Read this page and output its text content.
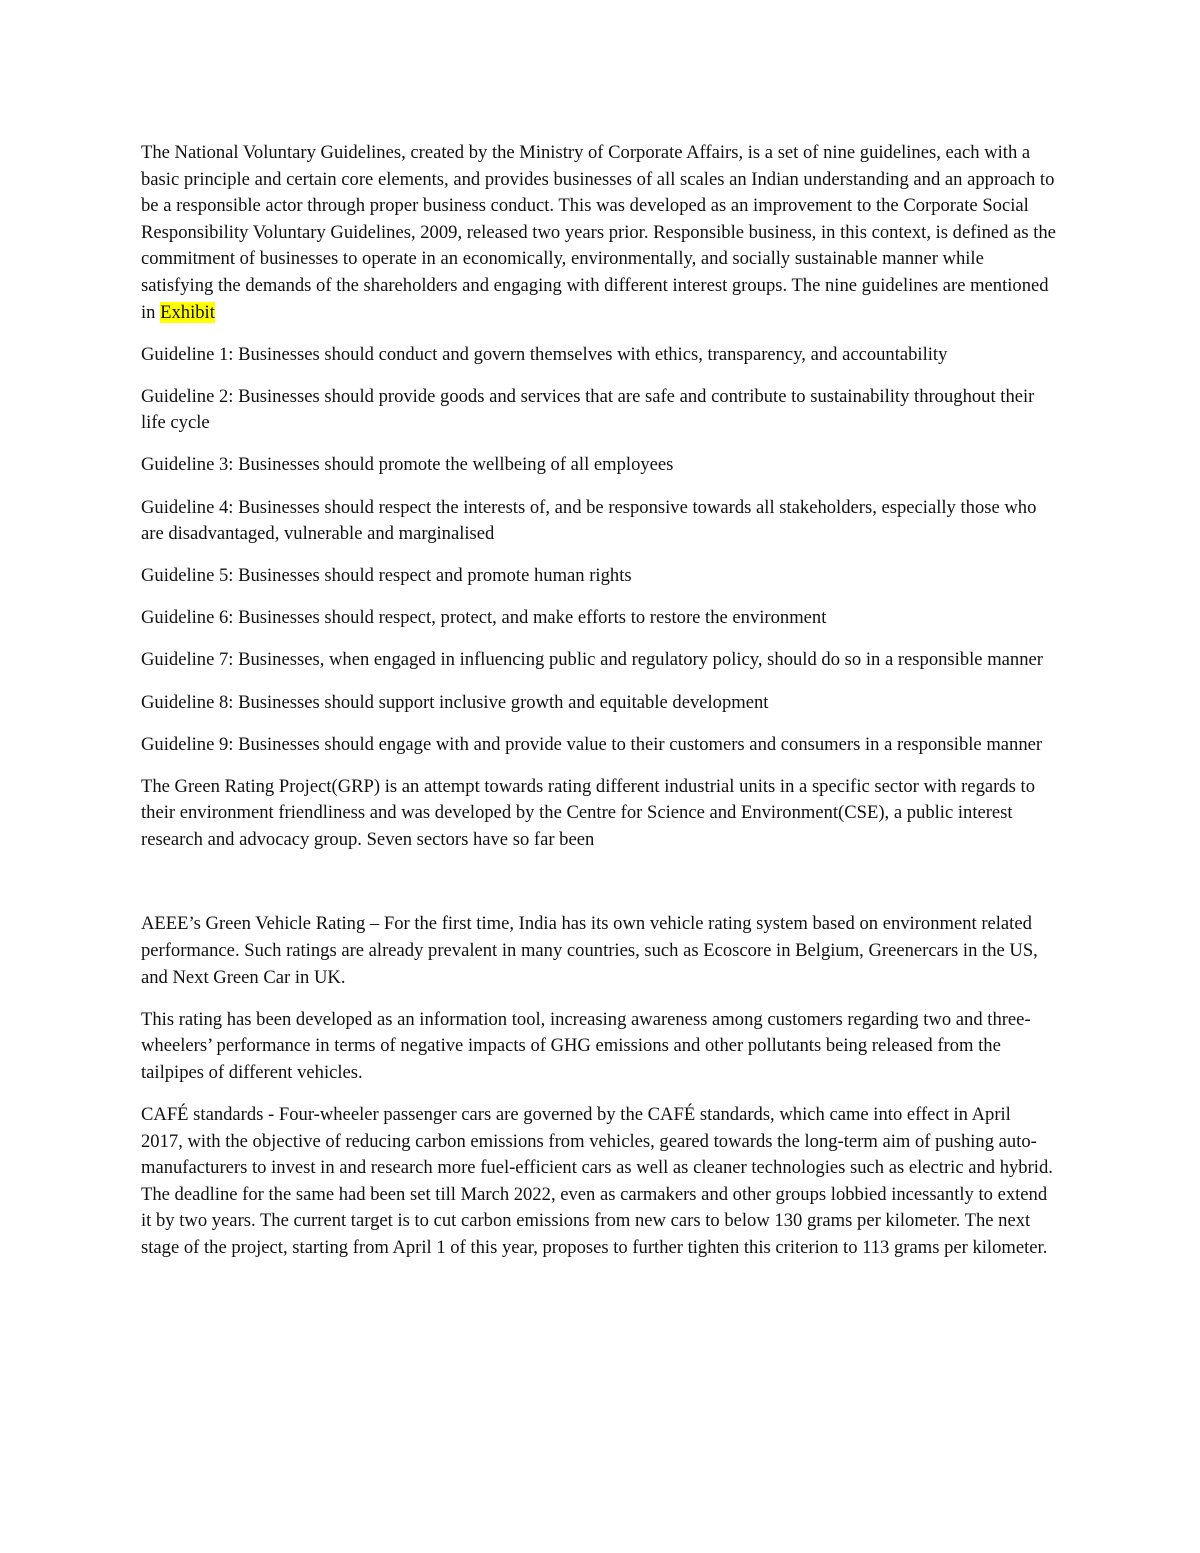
The National Voluntary Guidelines, created by the Ministry of Corporate Affairs, is a set of nine guidelines, each with a basic principle and certain core elements, and provides businesses of all scales an Indian understanding and an approach to be a responsible actor through proper business conduct. This was developed as an improvement to the Corporate Social Responsibility Voluntary Guidelines, 2009, released two years prior. Responsible business, in this context, is defined as the commitment of businesses to operate in an economically, environmentally, and socially sustainable manner while satisfying the demands of the shareholders and engaging with different interest groups. The nine guidelines are mentioned in Exhibit

Guideline 1: Businesses should conduct and govern themselves with ethics, transparency, and accountability

Guideline 2: Businesses should provide goods and services that are safe and contribute to sustainability throughout their life cycle

Guideline 3: Businesses should promote the wellbeing of all employees

Guideline 4: Businesses should respect the interests of, and be responsive towards all stakeholders, especially those who are disadvantaged, vulnerable and marginalised

Guideline 5: Businesses should respect and promote human rights

Guideline 6: Businesses should respect, protect, and make efforts to restore the environment

Guideline 7: Businesses, when engaged in influencing public and regulatory policy, should do so in a responsible manner

Guideline 8: Businesses should support inclusive growth and equitable development

Guideline 9: Businesses should engage with and provide value to their customers and consumers in a responsible manner

The Green Rating Project(GRP) is an attempt towards rating different industrial units in a specific sector with regards to their environment friendliness and was developed by the Centre for Science and Environment(CSE), a public interest research and advocacy group. Seven sectors have so far been

AEEE’s Green Vehicle Rating – For the first time, India has its own vehicle rating system based on environment related performance. Such ratings are already prevalent in many countries, such as Ecoscore in Belgium, Greenercars in the US, and Next Green Car in UK.

This rating has been developed as an information tool, increasing awareness among customers regarding two and three-wheelers’ performance in terms of negative impacts of GHG emissions and other pollutants being released from the tailpipes of different vehicles.

CAFÉ standards - Four-wheeler passenger cars are governed by the CAFÉ standards, which came into effect in April 2017, with the objective of reducing carbon emissions from vehicles, geared towards the long-term aim of pushing auto-manufacturers to invest in and research more fuel-efficient cars as well as cleaner technologies such as electric and hybrid. The deadline for the same had been set till March 2022, even as carmakers and other groups lobbied incessantly to extend it by two years. The current target is to cut carbon emissions from new cars to below 130 grams per kilometer. The next stage of the project, starting from April 1 of this year, proposes to further tighten this criterion to 113 grams per kilometer.
